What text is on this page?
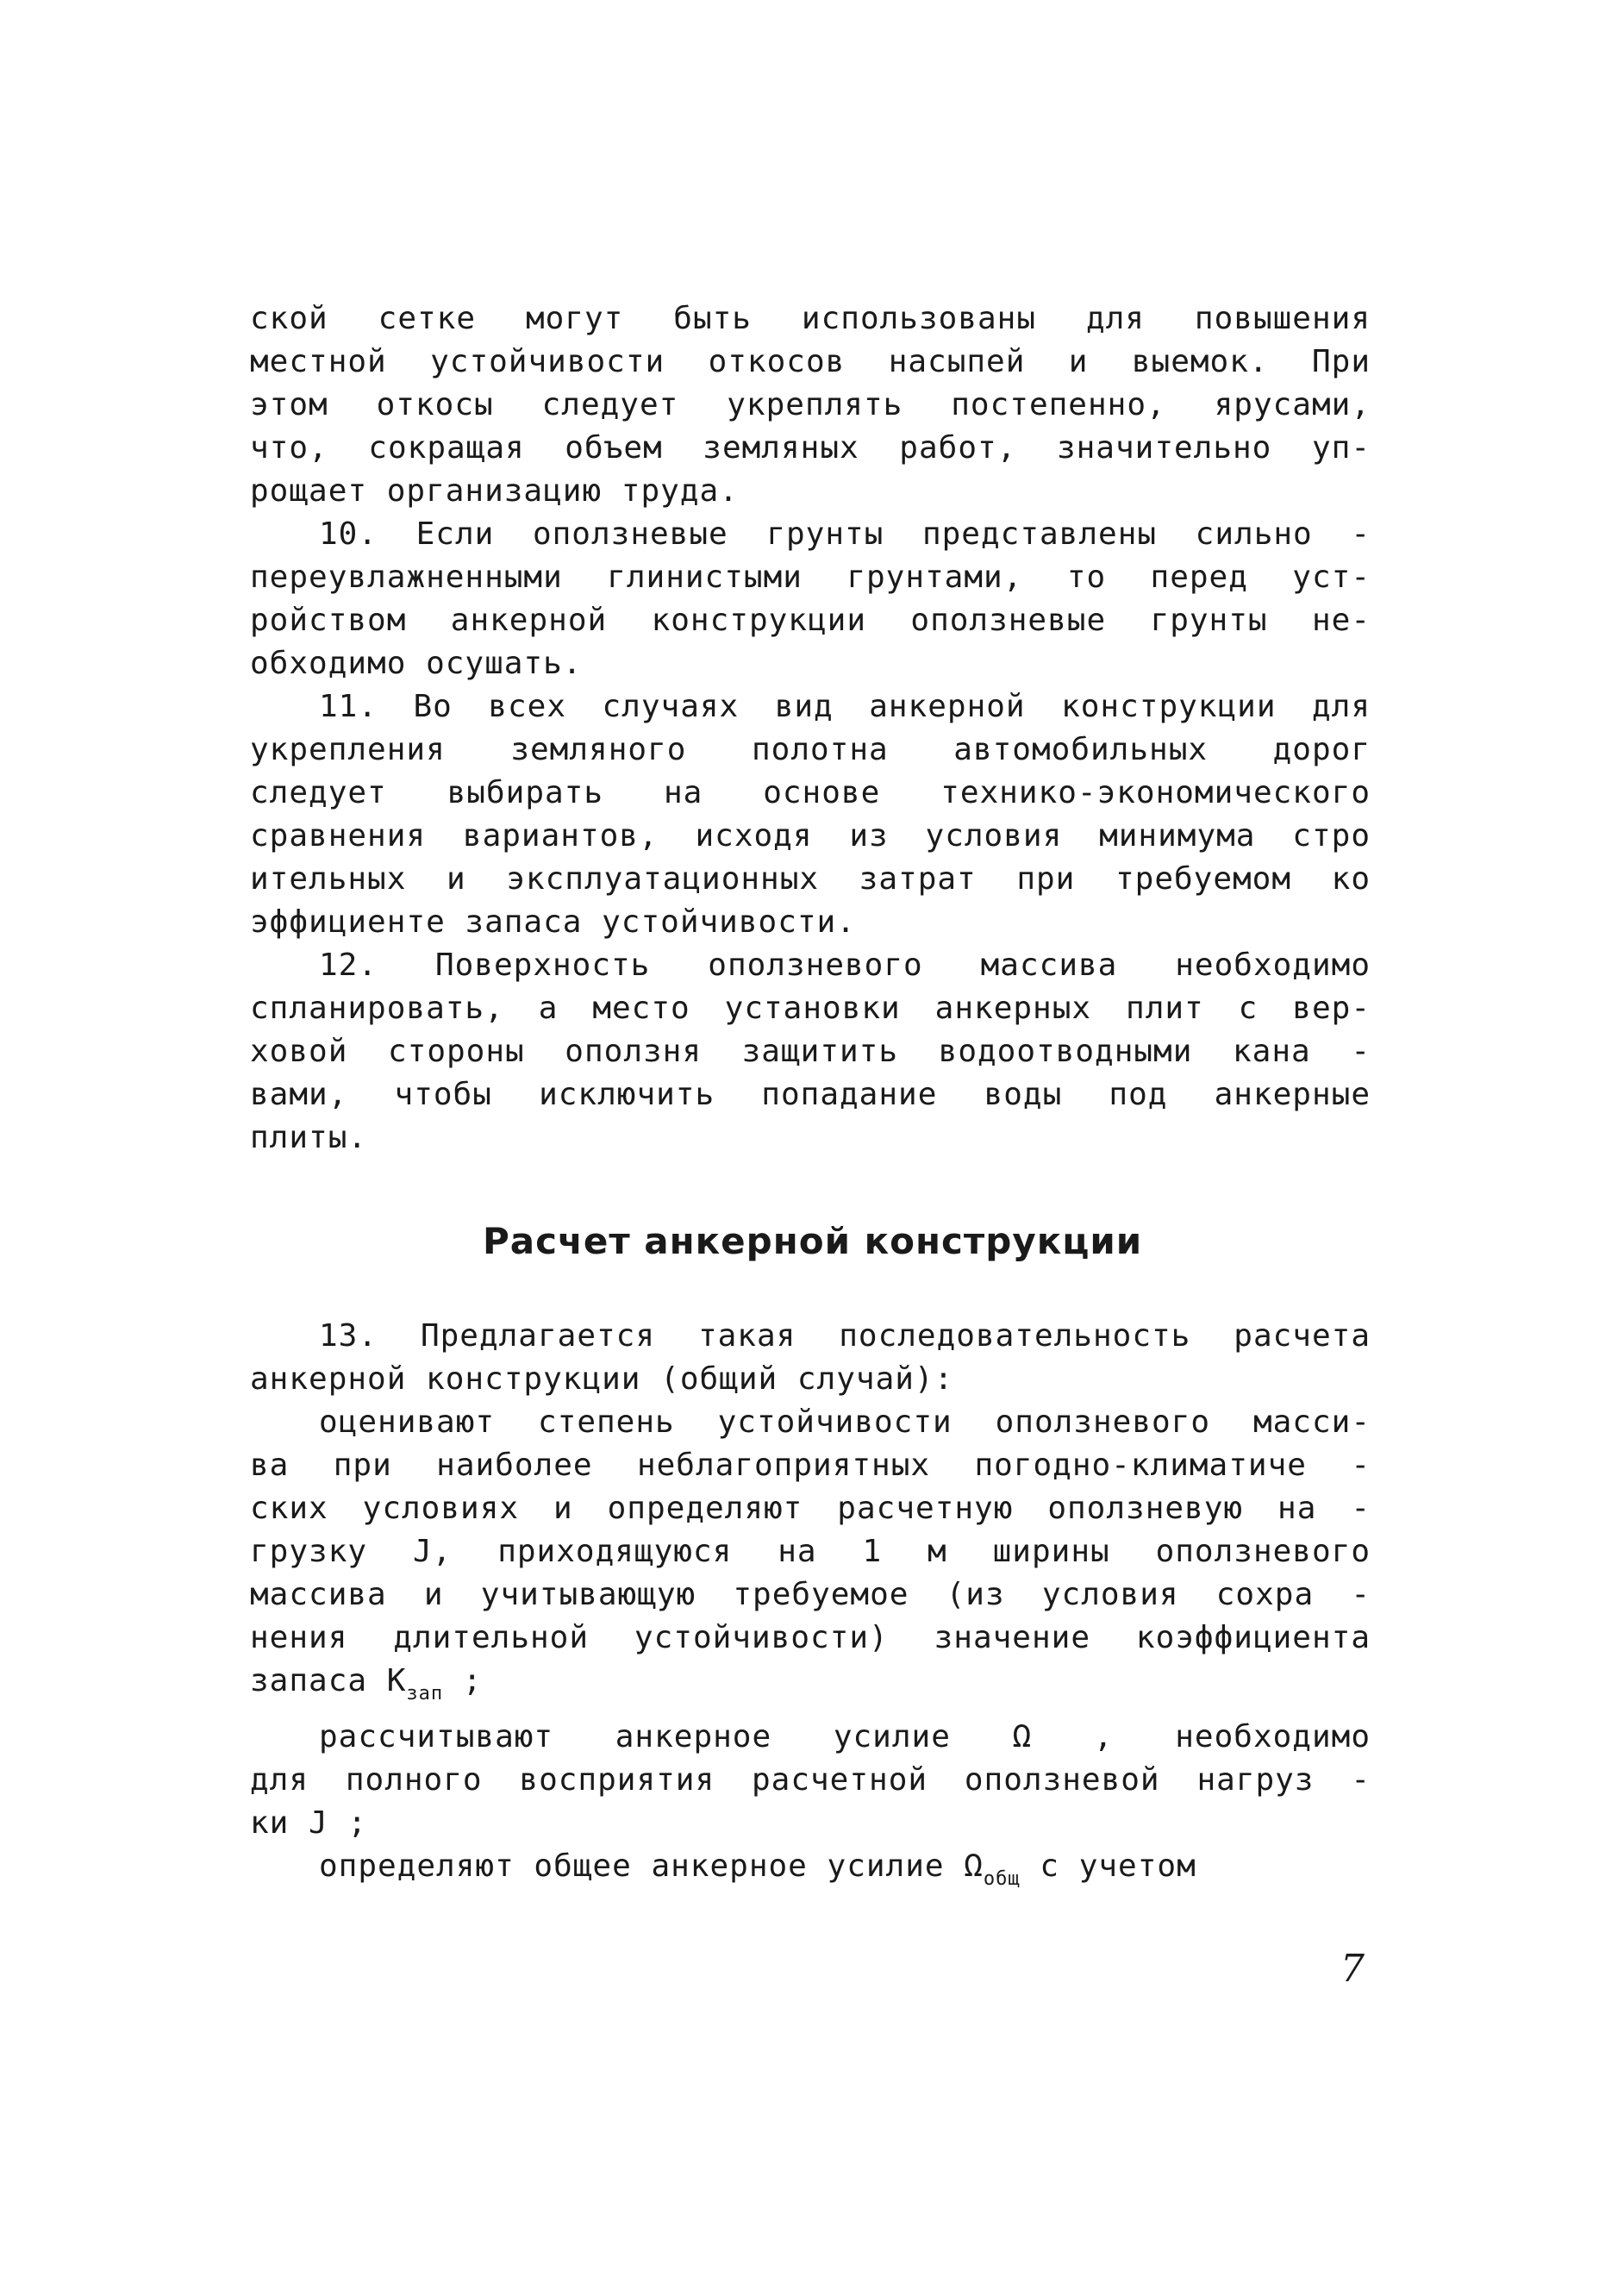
ской сетке могут быть использованы для повышения
местной устойчивости откосов насыпей и выемок. При
этом откосы следует укреплять постепенно, ярусами,
что, сокращая объем земляных работ, значительно уп-
рощает организацию труда.
10. Если оползневые грунты представлены сильно -
переувлажненными глинистыми грунтами, то перед уст-
ройством анкерной конструкции оползневые грунты не-
обходимо осушать.
11. Во всех случаях вид анкерной конструкции для
укрепления земляного полотна автомобильных дорог
следует выбирать на основе технико-экономического
сравнения вариантов, исходя из условия минимума стро
ительных и эксплуатационных затрат при требуемом ко
эффициенте запаса устойчивости.
12. Поверхность оползневого массива необходимо
спланировать, а место установки анкерных плит с вер-
ховой стороны оползня защитить водоотводными кана -
вами, чтобы исключить попадание воды под анкерные
плиты.
Расчет анкерной конструкции
13. Предлагается такая последовательность расчета
анкерной конструкции (общий случай):
оценивают степень устойчивости оползневого масси-
ва при наиболее неблагоприятных погодно-климатиче -
ских условиях и определяют расчетную оползневую на -
грузку J, приходящуюся на 1 м ширины оползневого
массива и учитывающую требуемое (из условия сохра -
нения длительной устойчивости) значение коэффициента
запаса $K_{зап}$ ;
рассчитывают анкерное усилие Ω , необходимо
для полного восприятия расчетной оползневой нагруз -
ки J ;
определяют общее анкерное усилие $\Omega_{общ}$ с учетом
7
